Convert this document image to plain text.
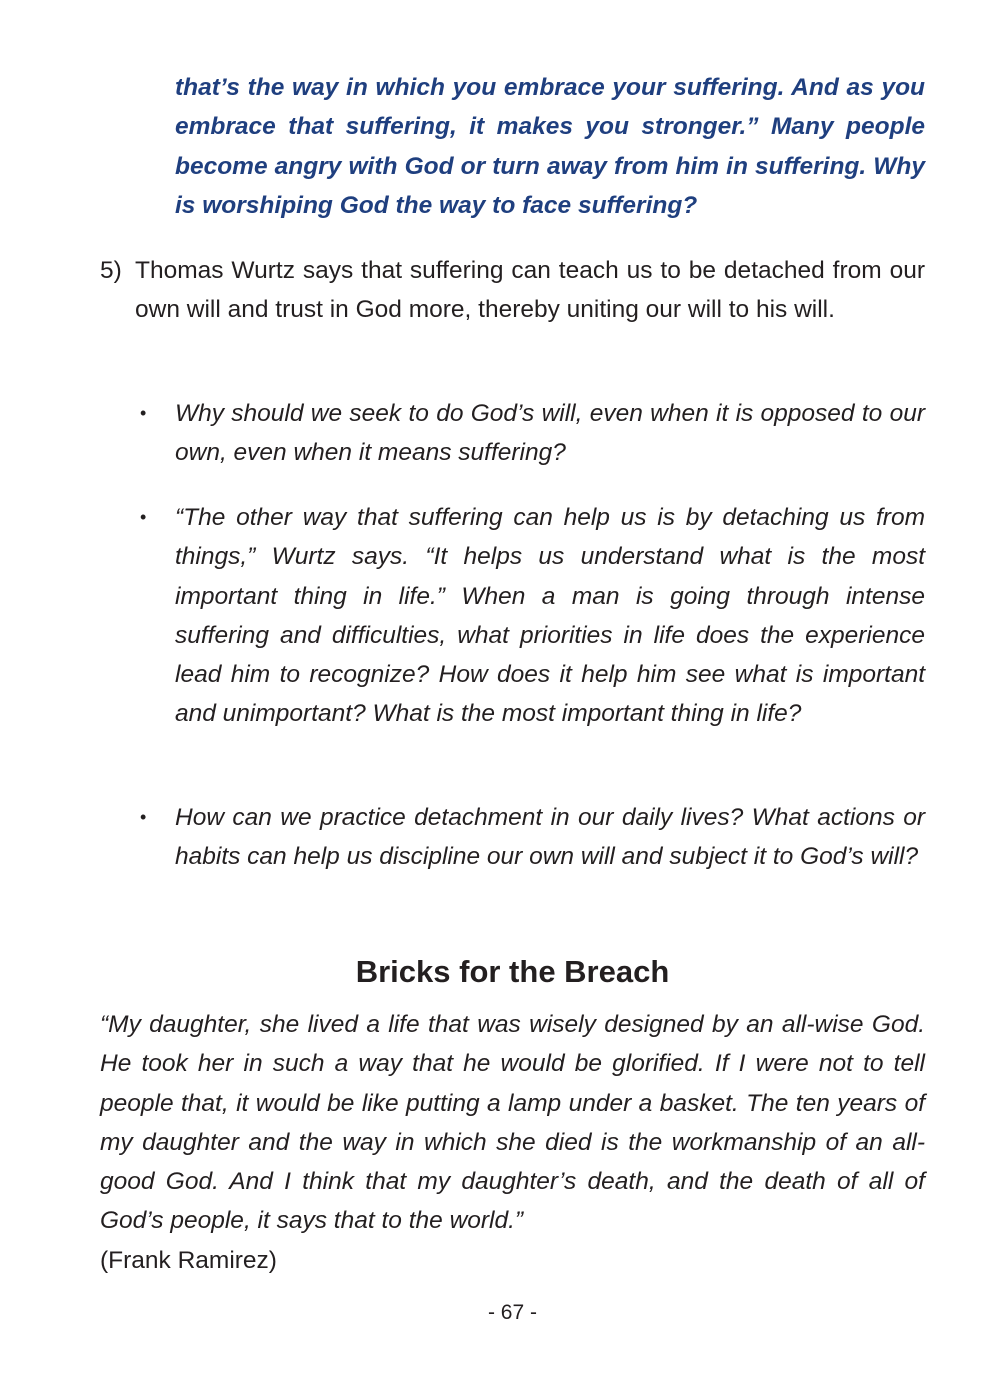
that’s the way in which you embrace your suffering. And as you embrace that suffering, it makes you stronger.” Many people become angry with God or turn away from him in suffering. Why is worshiping God the way to face suffering?

5) Thomas Wurtz says that suffering can teach us to be detached from our own will and trust in God more, thereby uniting our will to his will.
• Why should we seek to do God’s will, even when it is opposed to our own, even when it means suffering?
• “The other way that suffering can help us is by detaching us from things,” Wurtz says. “It helps us understand what is the most important thing in life.” When a man is going through intense suffering and difficulties, what priorities in life does the experience lead him to recognize? How does it help him see what is important and unimportant? What is the most important thing in life?
• How can we practice detachment in our daily lives? What actions or habits can help us discipline our own will and subject it to God’s will?
Bricks for the Breach
“My daughter, she lived a life that was wisely designed by an all-wise God. He took her in such a way that he would be glorified. If I were not to tell people that, it would be like putting a lamp under a basket. The ten years of my daughter and the way in which she died is the workmanship of an all-good God. And I think that my daughter’s death, and the death of all of God’s people, it says that to the world.”
(Frank Ramirez)
- 67 -
